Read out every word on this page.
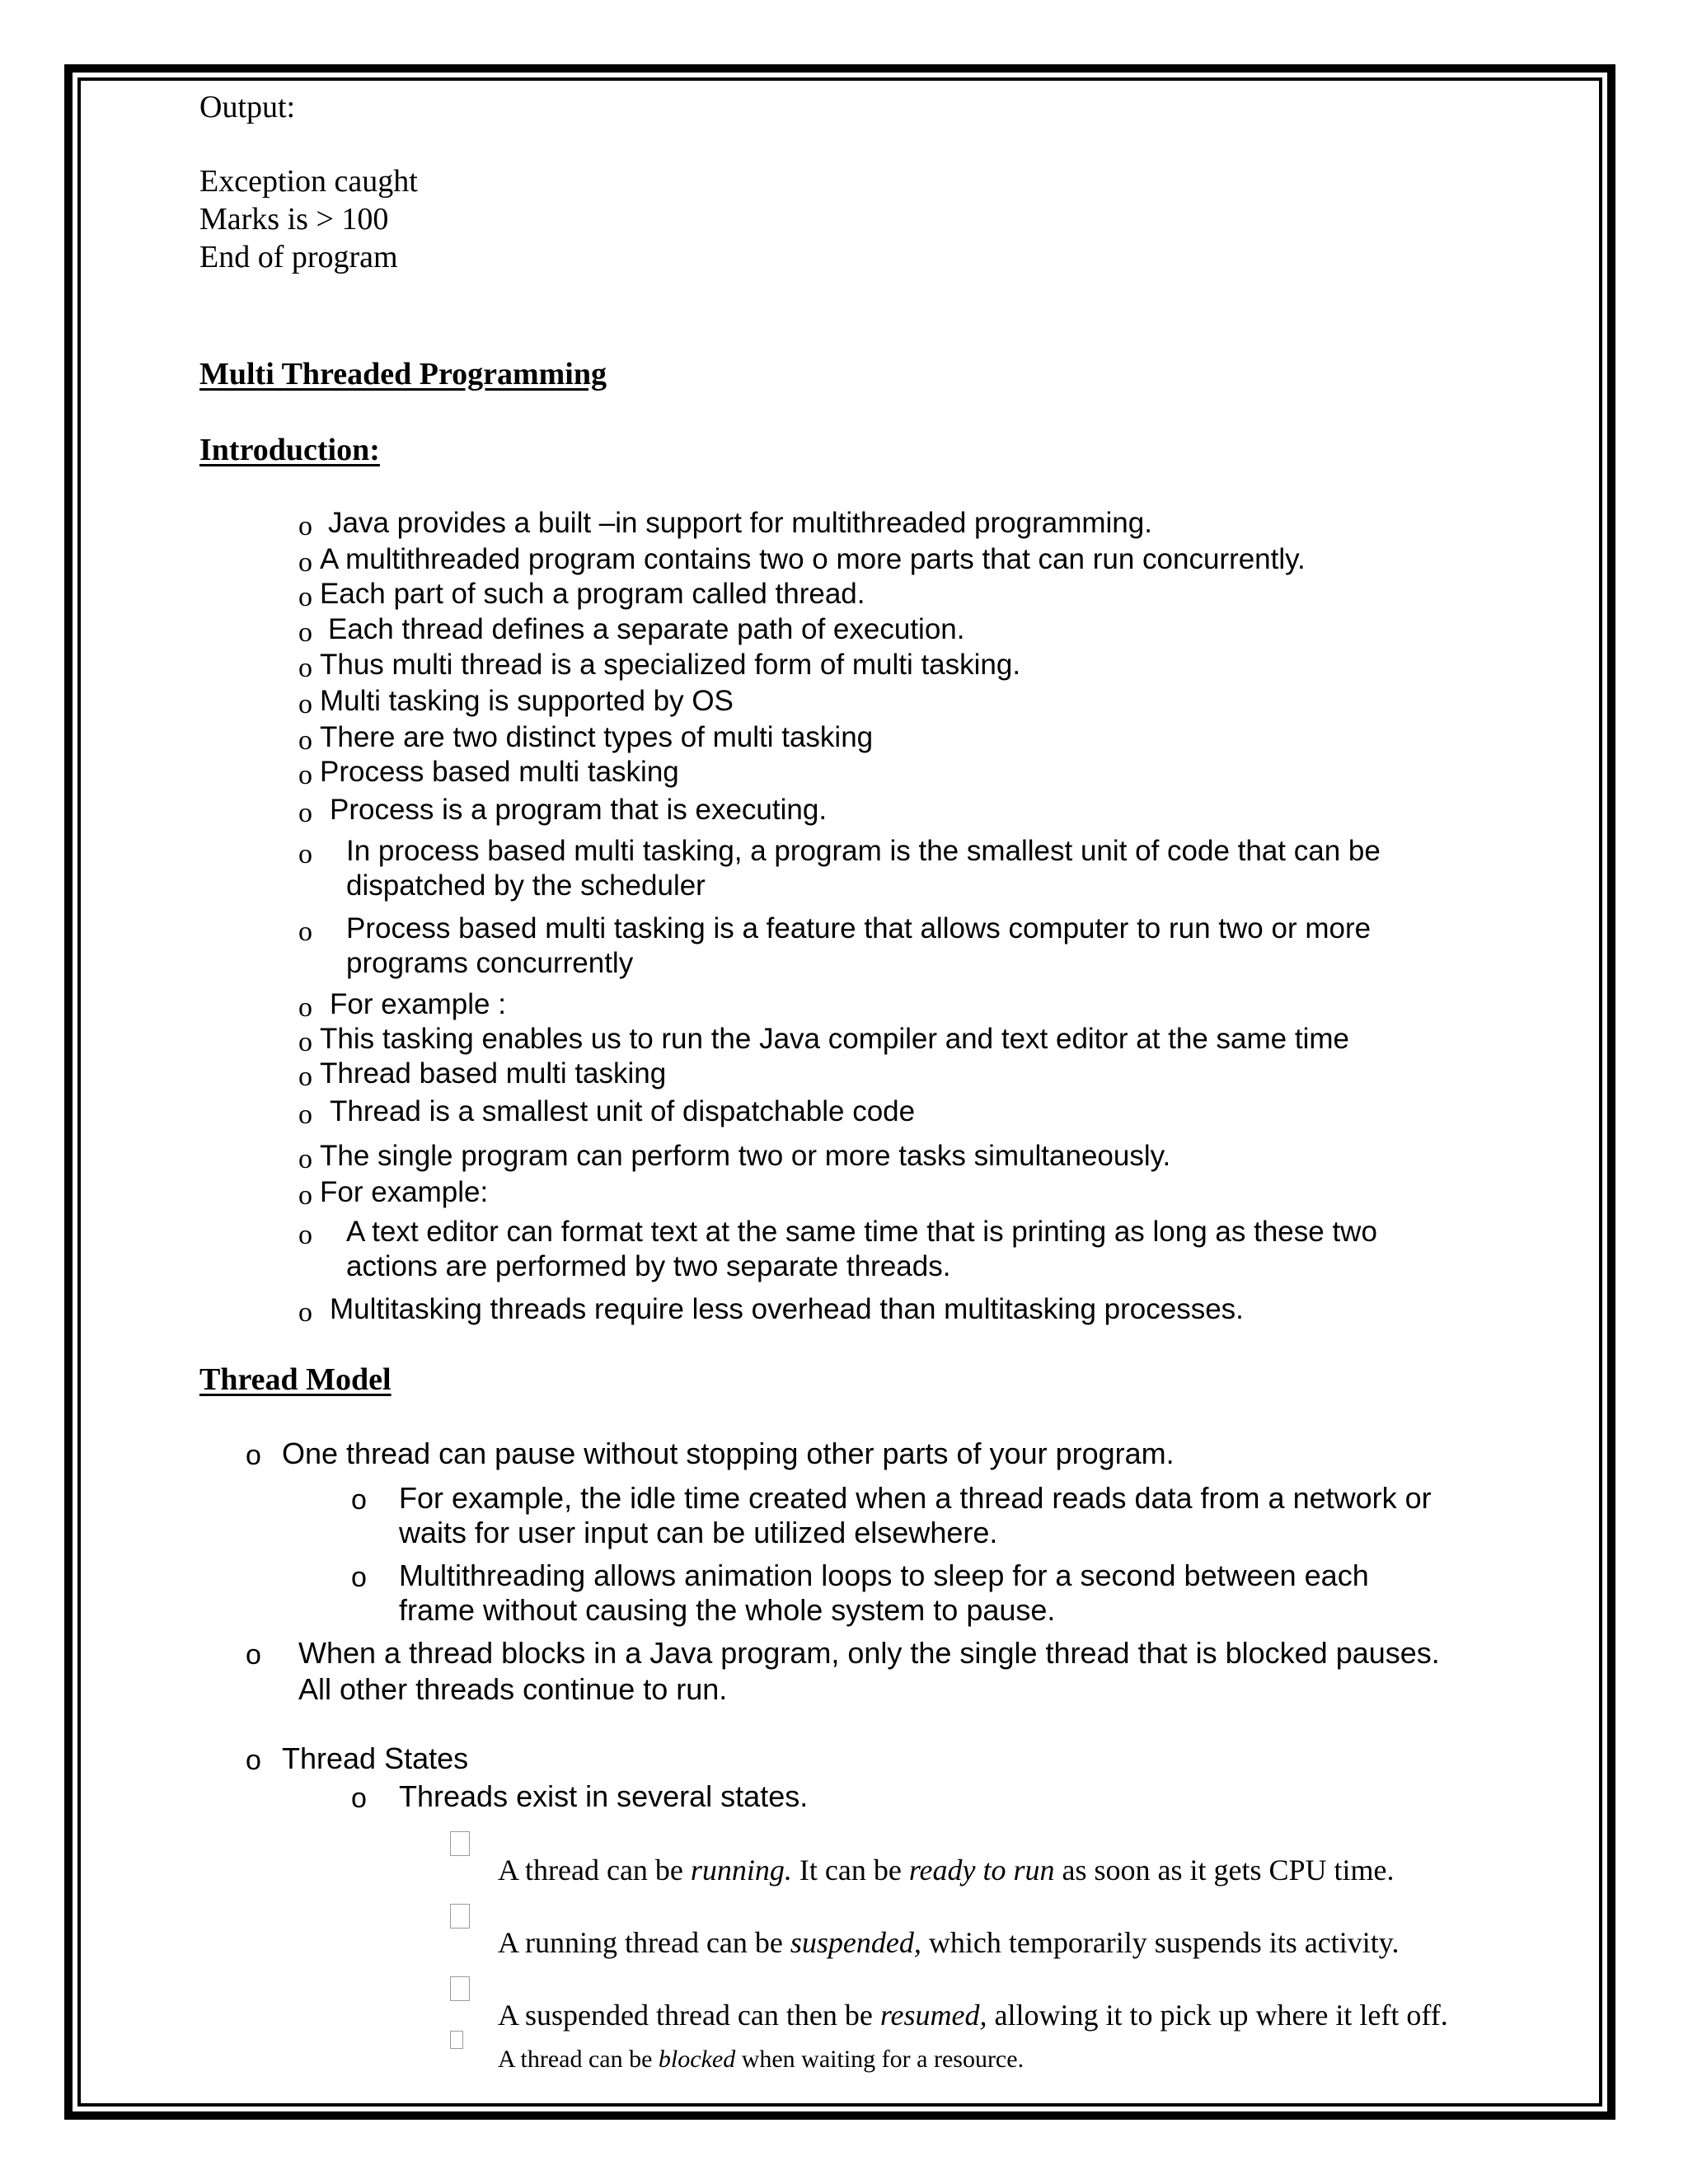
Output:
Exception caught
Marks is > 100
End of program
Multi Threaded Programming
Introduction:
o Java provides a built –in support for multithreaded programming.
o A multithreaded program contains two o more parts that can run concurrently.
o Each part of such a program called thread.
o Each thread defines a separate path of execution.
o Thus multi thread is a specialized form of multi tasking.
o Multi tasking is supported by OS
o There are two distinct types of multi tasking
o Process based multi tasking
o Process is a program that is executing.
o In process based multi tasking, a program is the smallest unit of code that can be
dispatched by the scheduler
o Process based multi tasking is a feature that allows computer to run two or more
programs concurrently
o For example :
o This tasking enables us to run the Java compiler and text editor at the same time
o Thread based multi tasking
o Thread is a smallest unit of dispatchable code
o The single program can perform two or more tasks simultaneously.
o For example:
o A text editor can format text at the same time that is printing as long as these two
actions are performed by two separate threads.
o Multitasking threads require less overhead than multitasking processes.
Thread Model
o One thread can pause without stopping other parts of your program.
o For example, the idle time created when a thread reads data from a network or
waits for user input can be utilized elsewhere.
o Multithreading allows animation loops to sleep for a second between each
frame without causing the whole system to pause.
o When a thread blocks in a Java program, only the single thread that is blocked pauses.
All other threads continue to run.
o Thread States
o Threads exist in several states.
A thread can be running. It can be ready to run as soon as it gets CPU time.
A running thread can be suspended, which temporarily suspends its activity.
A suspended thread can then be resumed, allowing it to pick up where it left off.
A thread can be blocked when waiting for a resource.
